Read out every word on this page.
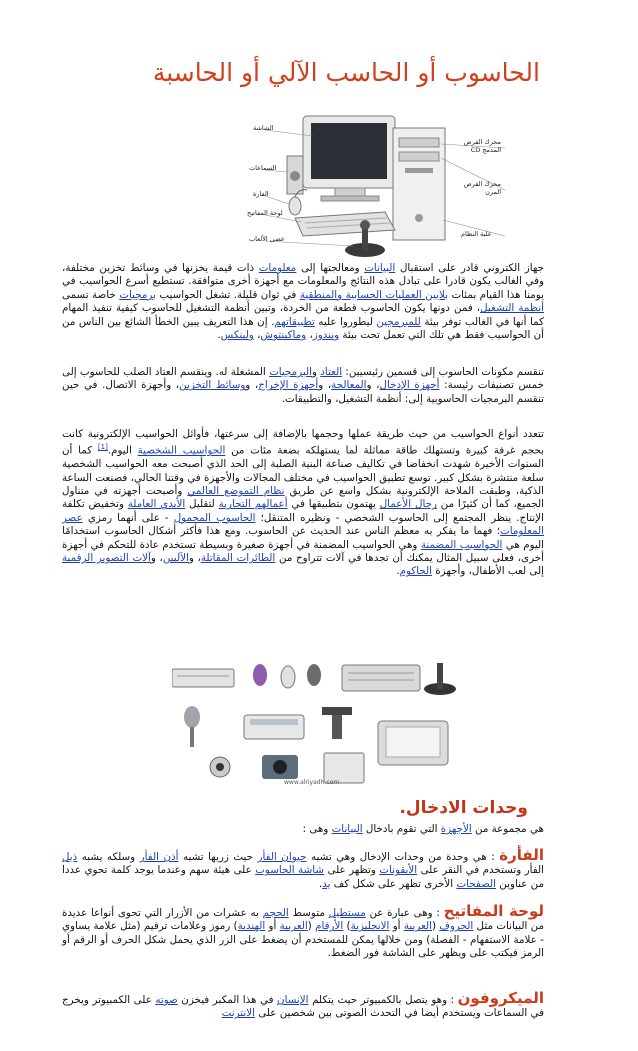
الحاسوب أو الحاسب الآلي أو الحاسبة
الشاشة
السماعات
الفارة
لوحة المفاتيح
عصى الألعاب
محرك القرص المدمج CD
محرك القرص المرن
علبة النظام

جهاز الكتروني قادر على استقبال البيانات ومعالجتها إلى معلومات ذات قيمة يخزنها في وسائط تخزين مختلفة، وفي الغالب يكون قادرا على تبادل هذه النتائج والمعلومات مع أجهزة أخرى متوافقة. تستطيع أسرع الحواسيب في يومنا هذا القيام بمئات بلايين العمليات الحسابية والمنطقية في ثوان قليلة. تشغل الحواسيب برمجيات خاصة تسمى أنظمة التشغيل، فمن دونها يكون الحاسوب قطعة من الخردة، وتبين أنظمة التشغيل للحاسوب كيفية تنفيذ المهام كما أنها في الغالب توفر بيئة للمبرمجين ليطوروا عليه تطبيقاتهم. إن هذا التعريف يبين الخطأ الشائع بين الناس من أن الحواسيب فقط هي تلك التي تعمل تحت بيئة ويندوز، وماكينتوش، ولينكس.

تنقسم مكونات الحاسوب إلى قسمين رئيسيين: العتاد والبرمجيات المشغلة له. وينقسم العتاد الصلب للحاسوب إلى خمس تصنيفات رئيسة: أجهزة الإدخال، والمعالجة، وأجهزة الإخراج، ووسائط التخزين، وأجهزة الاتصال. في حين تنقسم البرمجيات الحاسوبية إلى: أنظمة التشغيل، والتطبيقات.

تتعدد أنواع الحواسيب من حيث طريقة عملها وحجمها بالإضافة إلى سرعتها، فأوائل الحواسيب الإلكترونية كانت بحجم غرفة كبيرة وتستهلك طاقة مماثلة لما يستهلكه بضعة مئات من الحواسيب الشخصية اليوم.[1] كما أن السنوات الأخيرة شهدت انخفاضا في تكاليف صناعة البنية الصلبة إلى الحد الذي أصبحت معه الحواسيب الشخصية سلعة منتشرة بشكل كبير. توسع تطبيق الحواسيب في مختلف المجالات والأجهزة في وقتنا الحالي، فصنعت الساعة الذكية، وطبقت الملاحة الإلكترونية بشكل واسع عن طريق نظام التموضع العالمي وأصبحت أجهزته في متناول الجميع، كما أن كثيرًا من رجال الأعمال يهتمون بتطبيقها في أعمالهم التجارية لتقليل الأيدي العاملة وتخفيض تكلفة الإنتاج. ينظر المجتمع إلى الحاسوب الشخصي - ونظيره المتنقل؛ الحاسوب المحمول - على أنهما رمزي عصر المعلومات؛ فهما ما يفكر به معظم الناس عند الحديث عن الحاسوب. ومع هذا فأكثر أشكال الحاسوب استخدامًا اليوم هي الحواسيب المضمنة وهي الحواسيب المضمنة في أجهزة صغيرة وبسيطة تستخدم عادة للتحكم في أجهزة أخرى، فعلى سبيل المثال يمكنك أن تجدها في آلات تتراوح من الطائرات المقاتلة، والآليين، وآلات التصوير الرقمية إلى لعب الأطفال، وأجهزة الحاكوم.

www.alriyadh.com
وحدات الادخال.

هي مجموعة من الأجهزة التي تقوم بادخال البيانات وهى :

الفأرة : هي وحدة من وحدات الإدخال وهي تشبه حيوان الفأر حيث زريها تشبه أذن الفأر وسلكه يشبه ذيل الفأر وتستخدم في النقر على الأيقونات وتظهر على شاشة الحاسوب على هيئة سهم وعندما يوجد كلمة تحوي عددا من عناوين الصفحات الأخرى تظهر على شكل كف يد.

لوحة المفاتيح : وهى عبارة عن مستطيل متوسط الحجم به عشرات من الأزرار التي تحوى أنواعا عديدة من البيانات مثل الحروف (العربية أو الانجليزية) الأرقام (العربية أو الهندية) رموز وعلامات ترقيم (مثل علامة يساوي - علامة الاستفهام - الفصلة) ومن خلالها يمكن للمستخدم أن يضغط على الزر الذي يحمل شكل الحرف أو الرقم أو الرمز فيكتب على ويظهر على الشاشة فور الضغط.

الميكروفون : وهو يتصل بالكمبيوتر حيث يتكلم الإنسان في هذا المكبر فيخزن صوته على الكمبيوتر ويخرج في السماعات ويستخدم أيضا في التحدث الصوتى بين شخصين على الانترنت
